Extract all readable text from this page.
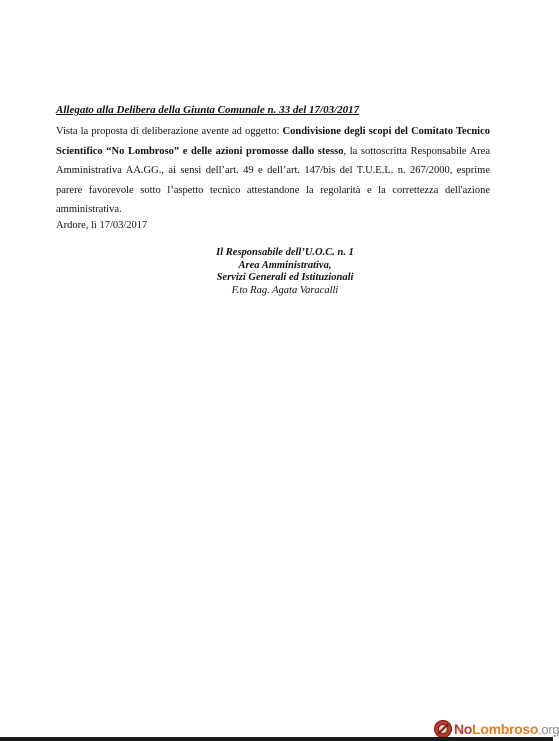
Allegato alla Delibera della Giunta Comunale n. 33 del 17/03/2017
Vista la proposta di deliberazione avente ad oggetto: Condivisione degli scopi del Comitato Tecnico Scientifico “No Lombroso” e delle azioni promosse dallo stesso, la sottoscritta Responsabile Area Amministrativa AA.GG., ai sensi dell’art. 49 e dell’art. 147/bis del T.U.E.L. n. 267/2000, esprime parere favorevole sotto l’aspetto tecnico attestandone la regolarità e la correttezza dell'azione amministrativa.
Ardore, lì 17/03/2017
Il Responsabile dell’U.O.C. n. 1
Area Amministrativa,
Servizi Generali ed Istituzionali
F.to Rag. Agata Varacalli
NoLombroso.org
